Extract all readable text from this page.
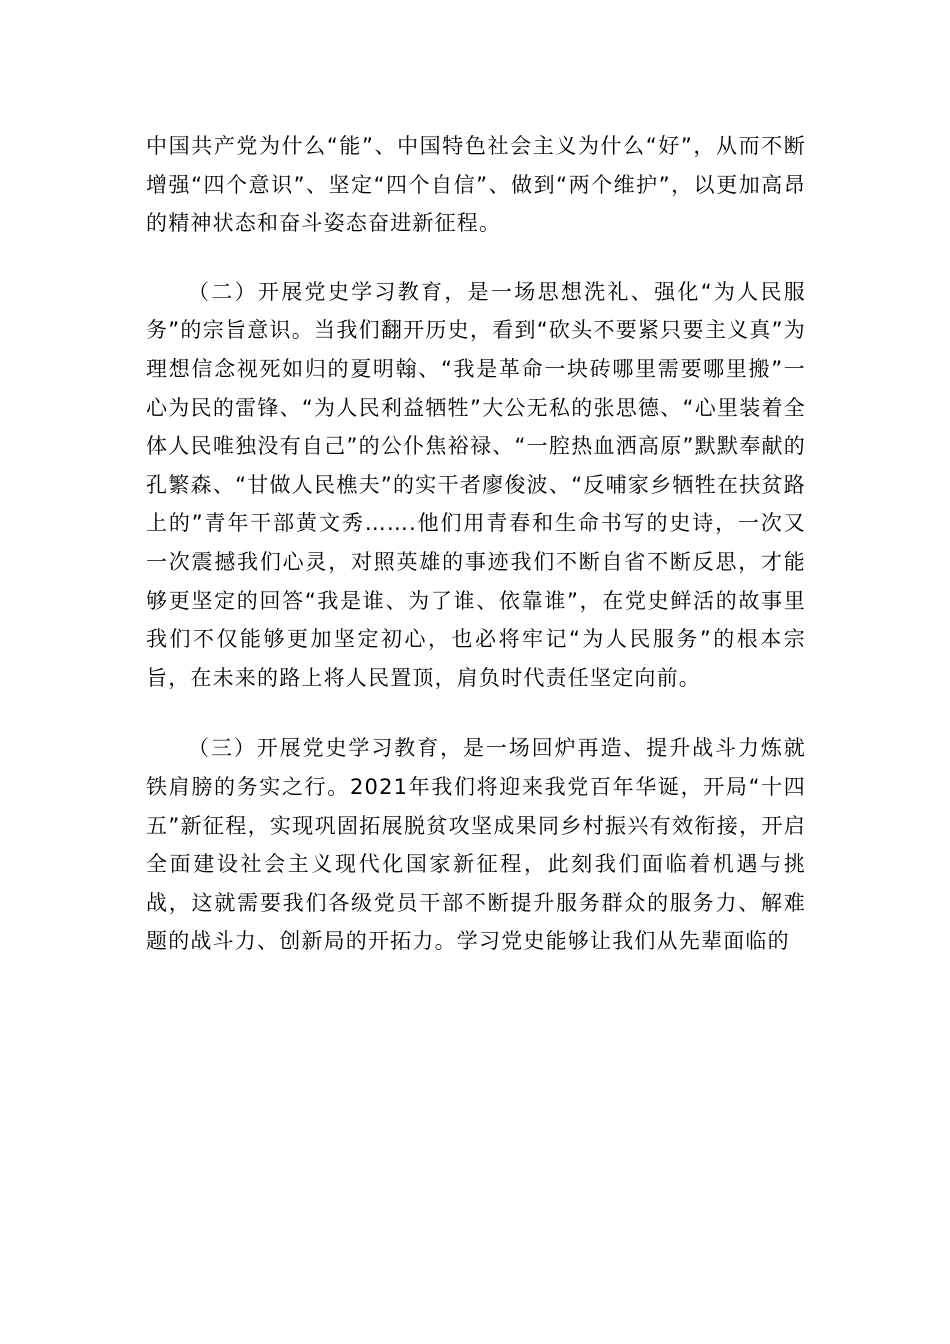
中国共产党为什么“能”、中国特色社会主义为什么“好”，从而不断增强“四个意识”、坚定“四个自信”、做到“两个维护”，以更加高昂的精神状态和奋斗姿态奋进新征程。

（二）开展党史学习教育，是一场思想洗礼、强化“为人民服务”的宗旨意识。当我们翻开历史，看到“砍头不要紧只要主义真”为理想信念视死如归的夏明翰、“我是革命一块砖哪里需要哪里搬”一心为民的雷锋、“为人民利益牺牲”大公无私的张思德、“心里装着全体人民唯独没有自己”的公仆焦裕禄、“一腔热血洒高原”默默奉献的孔繁森、“甘做人民樵夫”的实干者廖俊波、“反哺家乡牺牲在扶贫路上的”青年干部黄文秀…….他们用青春和生命书写的史诗，一次又一次震撼我们心灵，对照英雄的事迹我们不断自省不断反思，才能够更坚定的回答“我是谁、为了谁、依靠谁”，在党史鲜活的故事里我们不仅能够更加坚定初心，也必将牢记“为人民服务”的根本宗旨，在未来的路上将人民置顶，肩负时代责任坚定向前。

（三）开展党史学习教育，是一场回炉再造、提升战斗力炼就铁肩膀的务实之行。2021年我们将迎来我党百年华诞，开局“十四五”新征程，实现巩固拓展脱贫攻坚成果同乡村振兴有效衔接，开启全面建设社会主义现代化国家新征程，此刻我们面临着机遇与挑战，这就需要我们各级党员干部不断提升服务群众的服务力、解难题的战斗力、创新局的开拓力。学习党史能够让我们从先辈面临的
